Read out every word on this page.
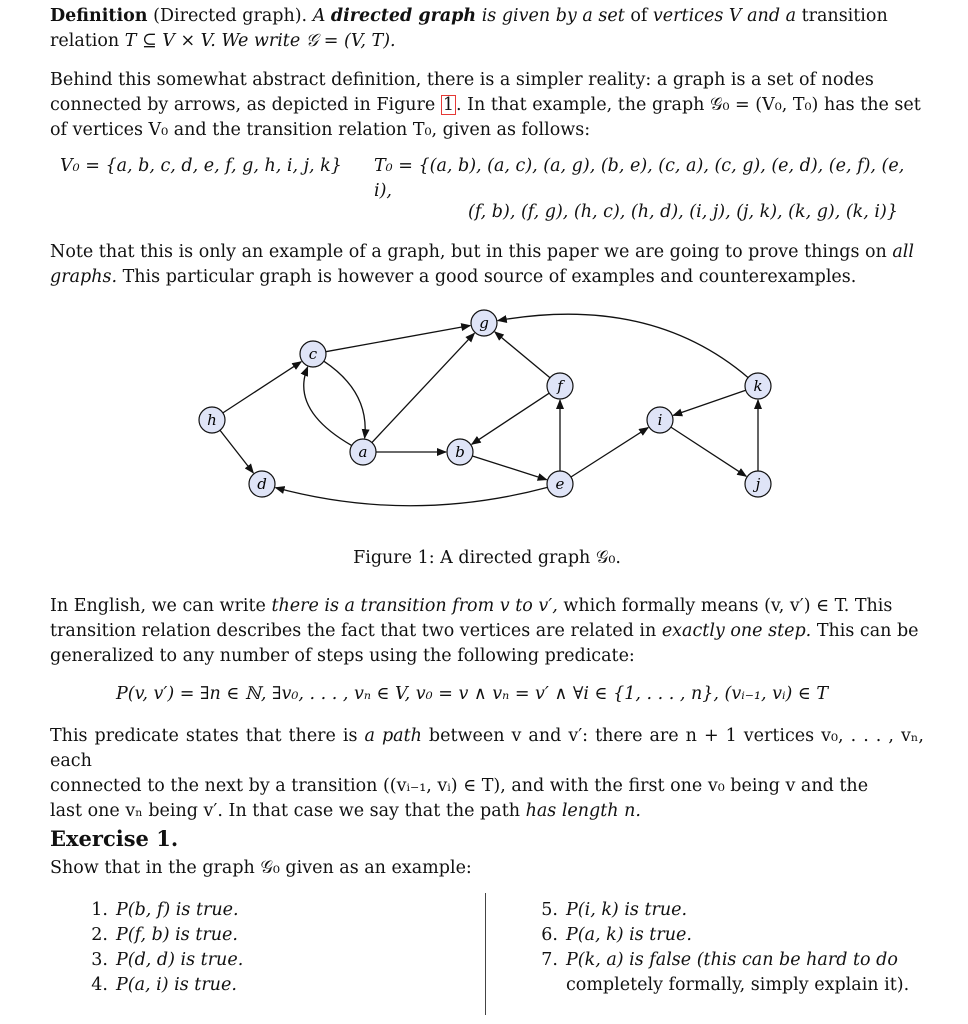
Definition (Directed graph). A directed graph is given by a set of vertices V and a transition
relation T ⊆ V × V. We write 𝒢 = (V, T).

Behind this somewhat abstract definition, there is a simpler reality: a graph is a set of nodes
connected by arrows, as depicted in Figure 1 . In that example, the graph 𝒢₀ = (V₀, T₀) has the set
of vertices V₀ and the transition relation T₀, given as follows:

V₀ = {a, b, c, d, e, f, g, h, i, j, k} T₀ = {(a, b), (a, c), (a, g), (b, e), (c, a), (c, g), (e, d), (e, f), (e, i),

(f, b), (f, g), (h, c), (h, d), (i, j), (j, k), (k, g), (k, i)}

Note that this is only an example of a graph, but in this paper we are going to prove things on all
graphs. This particular graph is however a good source of examples and counterexamples.

g
c
f	k
h	i
a	b
d	e	j
Figure 1: A directed graph 𝒢₀.

In English, we can write there is a transition from v to v′, which formally means (v, v′) ∈ T. This
transition relation describes the fact that two vertices are related in exactly one step. This can be
generalized to any number of steps using the following predicate:

P(v, v′) = ∃n ∈ ℕ, ∃v₀, . . . , vₙ ∈ V, v₀ = v ∧ vₙ = v′ ∧ ∀i ∈ {1, . . . , n}, (vᵢ₋₁, vᵢ) ∈ T

This predicate states that there is a path between v and v′: there are n + 1 vertices v₀, . . . , vₙ, each
connected to the next by a transition ((vᵢ₋₁, vᵢ) ∈ T), and with the first one v₀ being v and the
last one vₙ being v′. In that case we say that the path has length n.

Exercise 1.

Show that in the graph 𝒢₀ given as an example:

1. P(b, f) is true.
2. P(f, b) is true.
3. P(d, d) is true.
4. P(a, i) is true.
5. P(i, k) is true.
6. P(a, k) is true.
7. P(k, a) is false (this can be hard to do
completely formally, simply explain it).
